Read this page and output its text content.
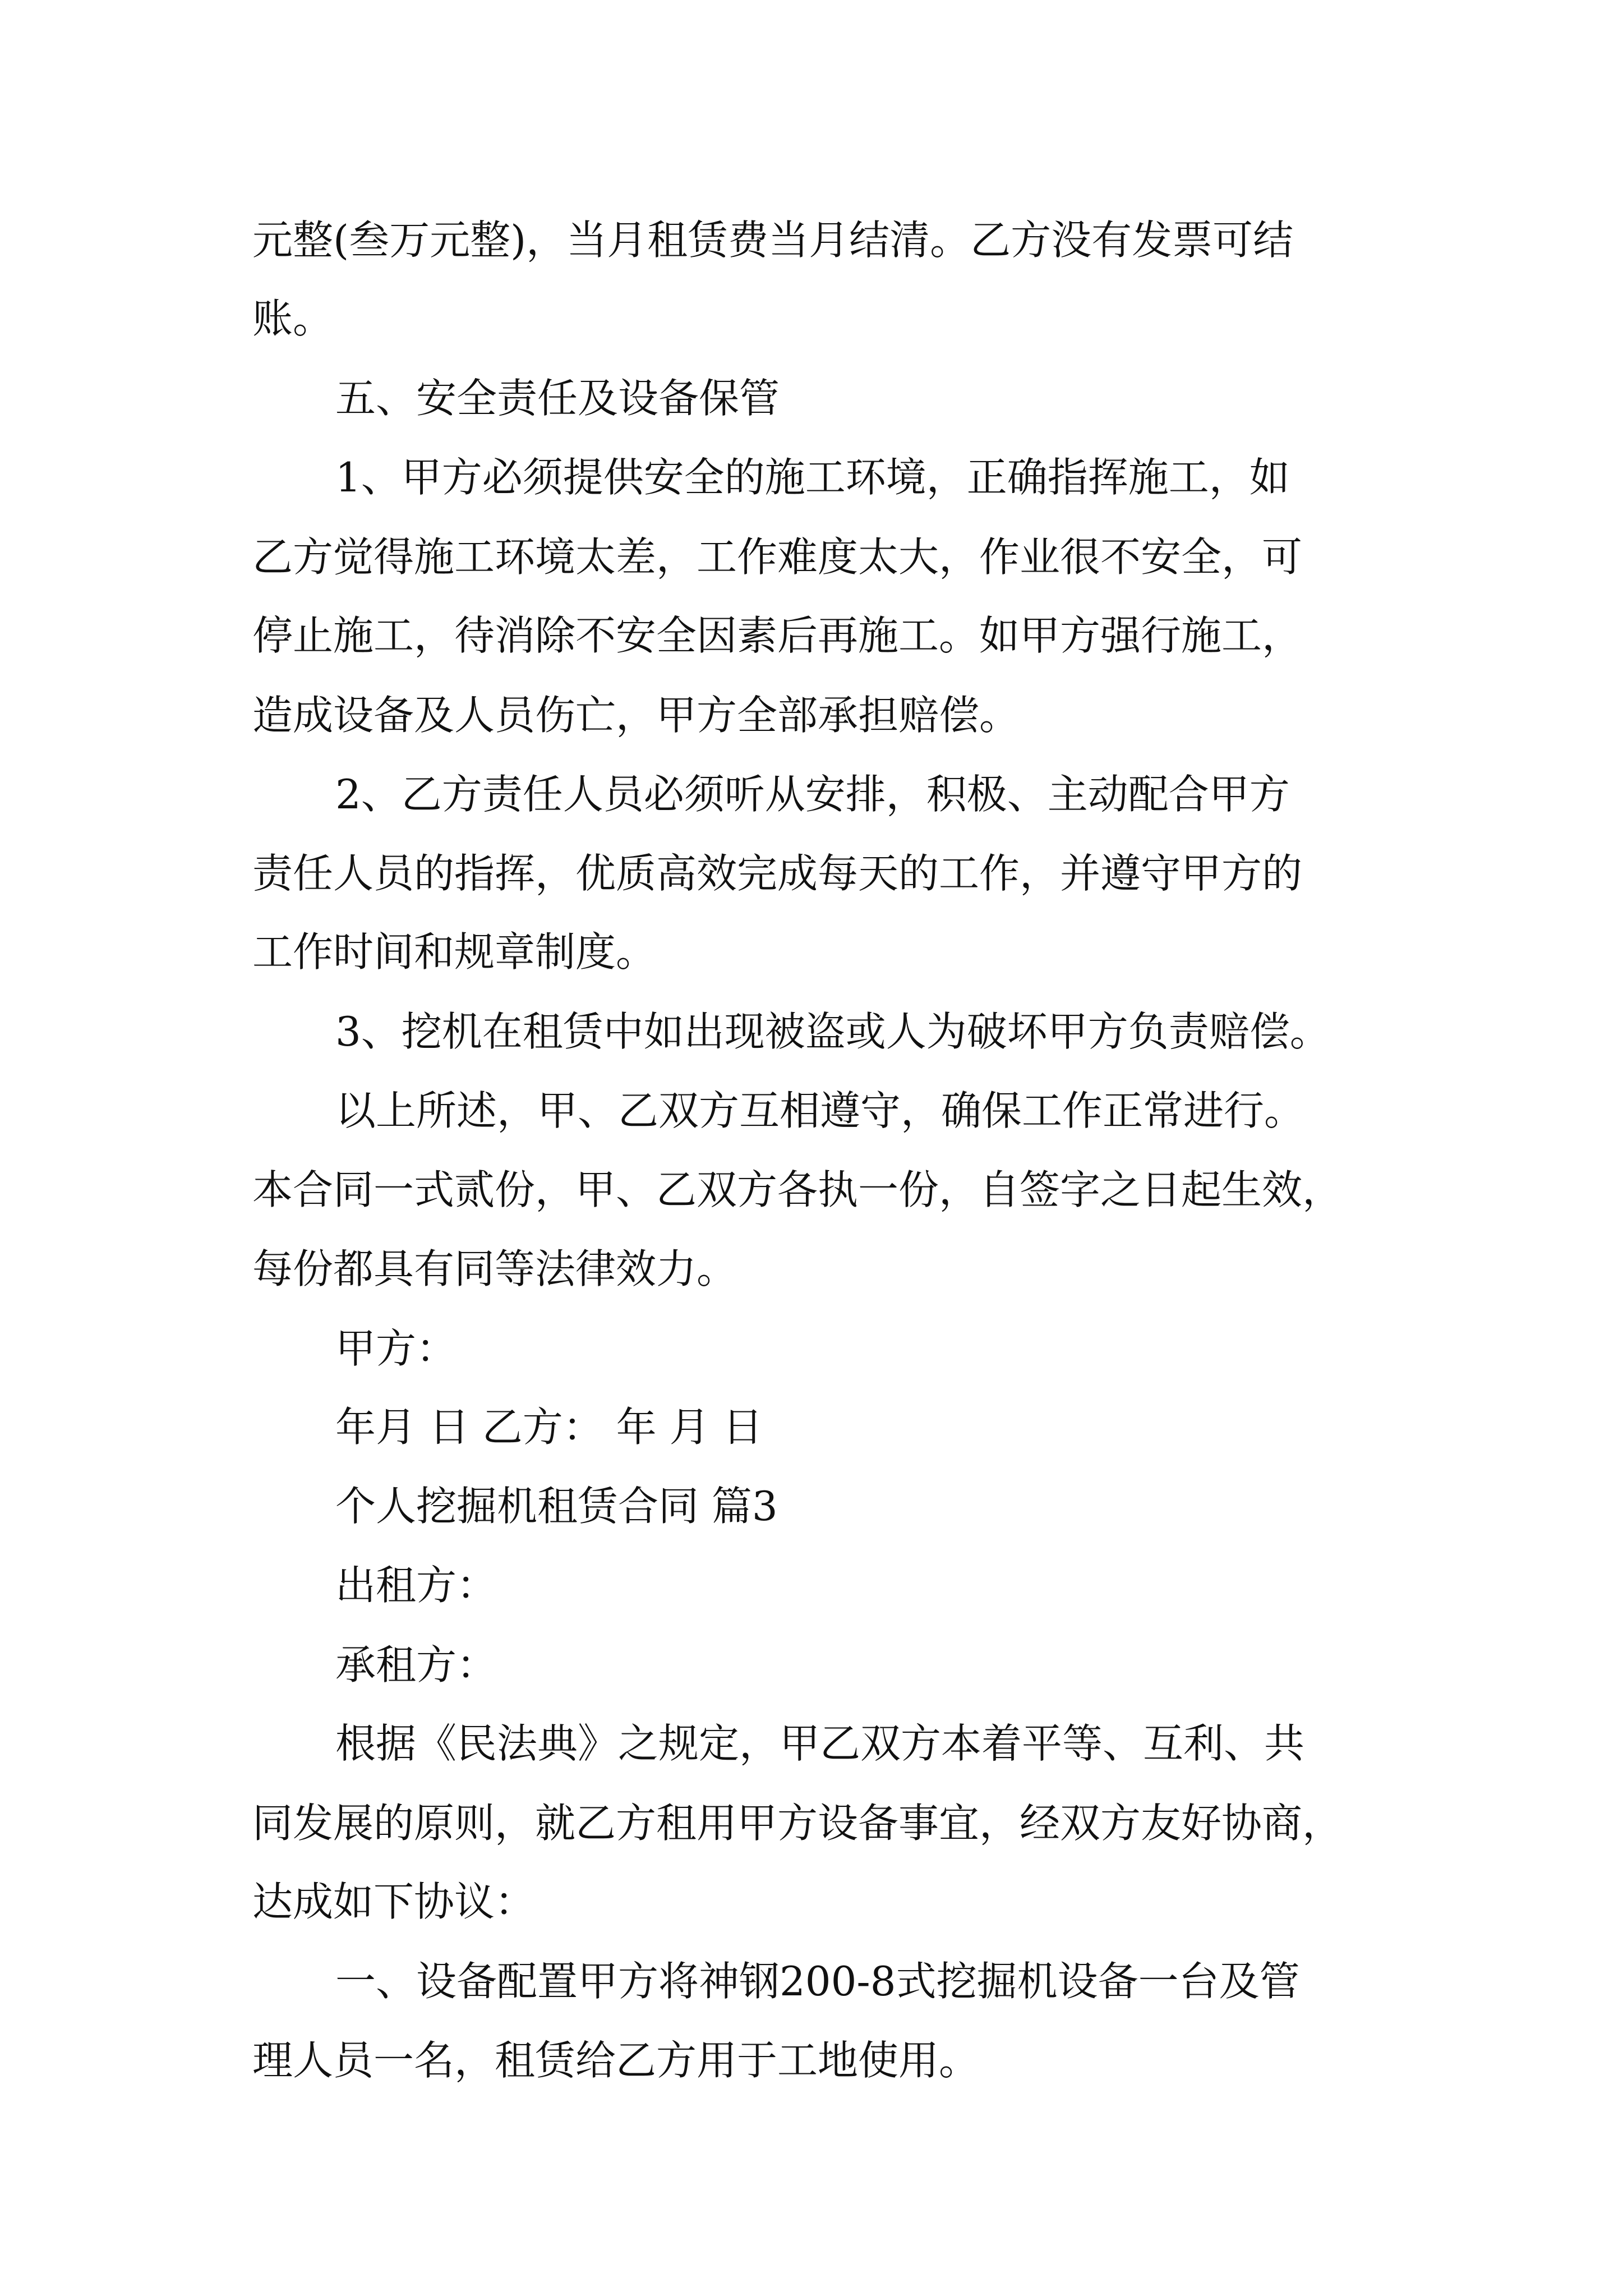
元整(叁万元整)，当月租赁费当月结清。乙方没有发票可结

账。

五、安全责任及设备保管

1、甲方必须提供安全的施工环境，正确指挥施工，如

乙方觉得施工环境太差，工作难度太大，作业很不安全，可

停止施工，待消除不安全因素后再施工。如甲方强行施工，

造成设备及人员伤亡，甲方全部承担赔偿。

2、乙方责任人员必须听从安排，积极、主动配合甲方

责任人员的指挥，优质高效完成每天的工作，并遵守甲方的

工作时间和规章制度。

3、挖机在租赁中如出现被盗或人为破坏甲方负责赔偿。

以上所述，甲、乙双方互相遵守，确保工作正常进行。

本合同一式贰份，甲、乙双方各执一份，自签字之日起生效，

每份都具有同等法律效力。

甲方：

年月 日 乙方： 年 月 日

个人挖掘机租赁合同 篇3

出租方：

承租方：

根据《民法典》之规定，甲乙双方本着平等、互利、共

同发展的原则，就乙方租用甲方设备事宜，经双方友好协商，

达成如下协议：

一、设备配置甲方将神钢200-8式挖掘机设备一台及管

理人员一名，租赁给乙方用于工地使用。
